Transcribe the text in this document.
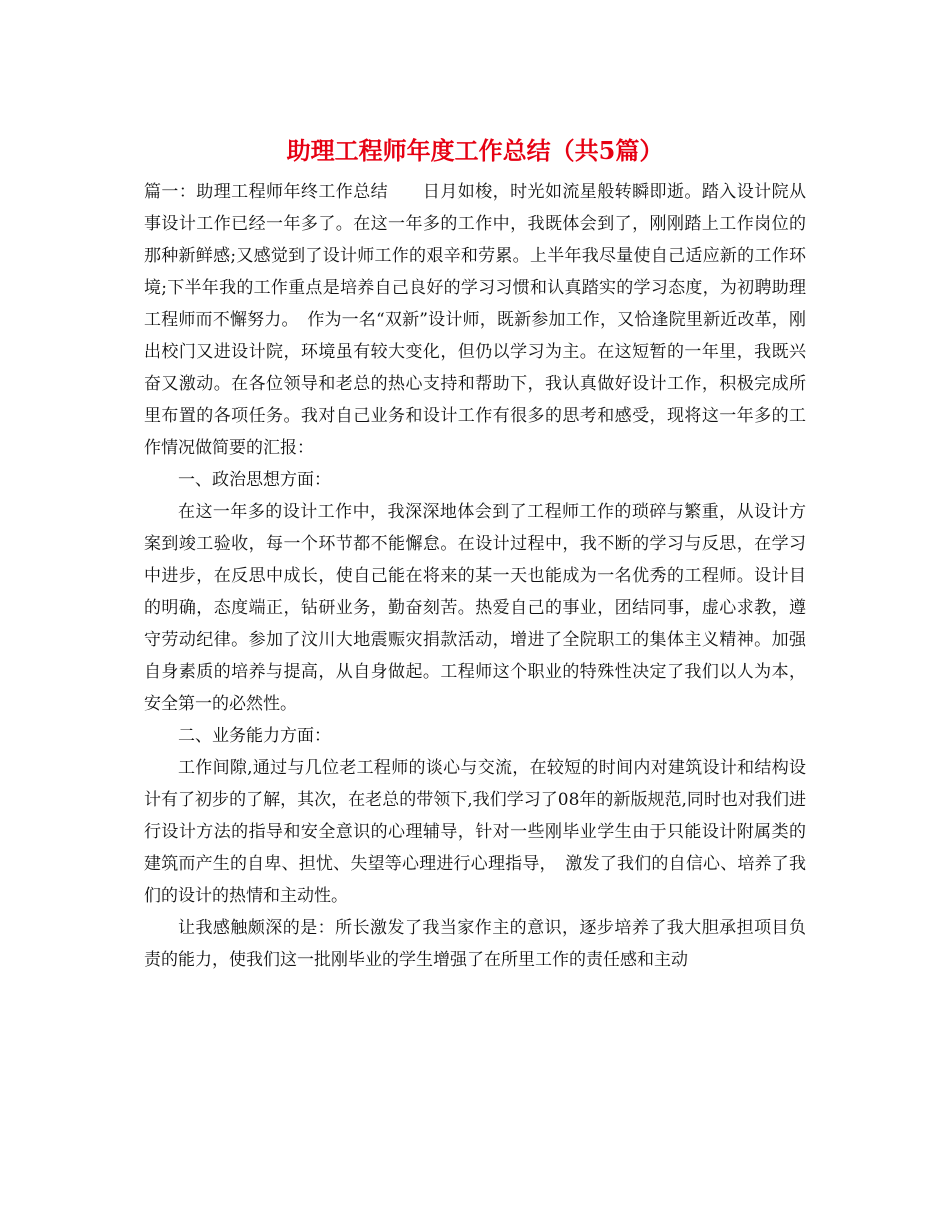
助理工程师年度工作总结（共5篇）

篇一：助理工程师年终工作总结　　日月如梭，时光如流星般转瞬即逝。踏入设计院从事设计工作已经一年多了。在这一年多的工作中，我既体会到了，刚刚踏上工作岗位的那种新鲜感;又感觉到了设计师工作的艰辛和劳累。上半年我尽量使自己适应新的工作环境;下半年我的工作重点是培养自己良好的学习习惯和认真踏实的学习态度，为初聘助理工程师而不懈努力。　作为一名“双新”设计师，既新参加工作，又恰逢院里新近改革，刚出校门又进设计院，环境虽有较大变化，但仍以学习为主。在这短暂的一年里，我既兴奋又激动。在各位领导和老总的热心支持和帮助下，我认真做好设计工作，积极完成所里布置的各项任务。我对自己业务和设计工作有很多的思考和感受，现将这一年多的工作情况做简要的汇报：

一、政治思想方面：

在这一年多的设计工作中，我深深地体会到了工程师工作的琐碎与繁重，从设计方案到竣工验收，每一个环节都不能懈怠。在设计过程中，我不断的学习与反思，在学习中进步，在反思中成长，使自己能在将来的某一天也能成为一名优秀的工程师。设计目的明确，态度端正，钻研业务，勤奋刻苦。热爱自己的事业，团结同事，虚心求教，遵守劳动纪律。参加了汶川大地震赈灾捐款活动，增进了全院职工的集体主义精神。加强自身素质的培养与提高，从自身做起。工程师这个职业的特殊性决定了我们以人为本，安全第一的必然性。

二、业务能力方面：

工作间隙,通过与几位老工程师的谈心与交流，在较短的时间内对建筑设计和结构设计有了初步的了解，其次，在老总的带领下,我们学习了08年的新版规范,同时也对我们进行设计方法的指导和安全意识的心理辅导，针对一些刚毕业学生由于只能设计附属类的建筑而产生的自卑、担忧、失望等心理进行心理指导，　激发了我们的自信心、培养了我们的设计的热情和主动性。

让我感触颇深的是：所长激发了我当家作主的意识，逐步培养了我大胆承担项目负责的能力，使我们这一批刚毕业的学生增强了在所里工作的责任感和主动
